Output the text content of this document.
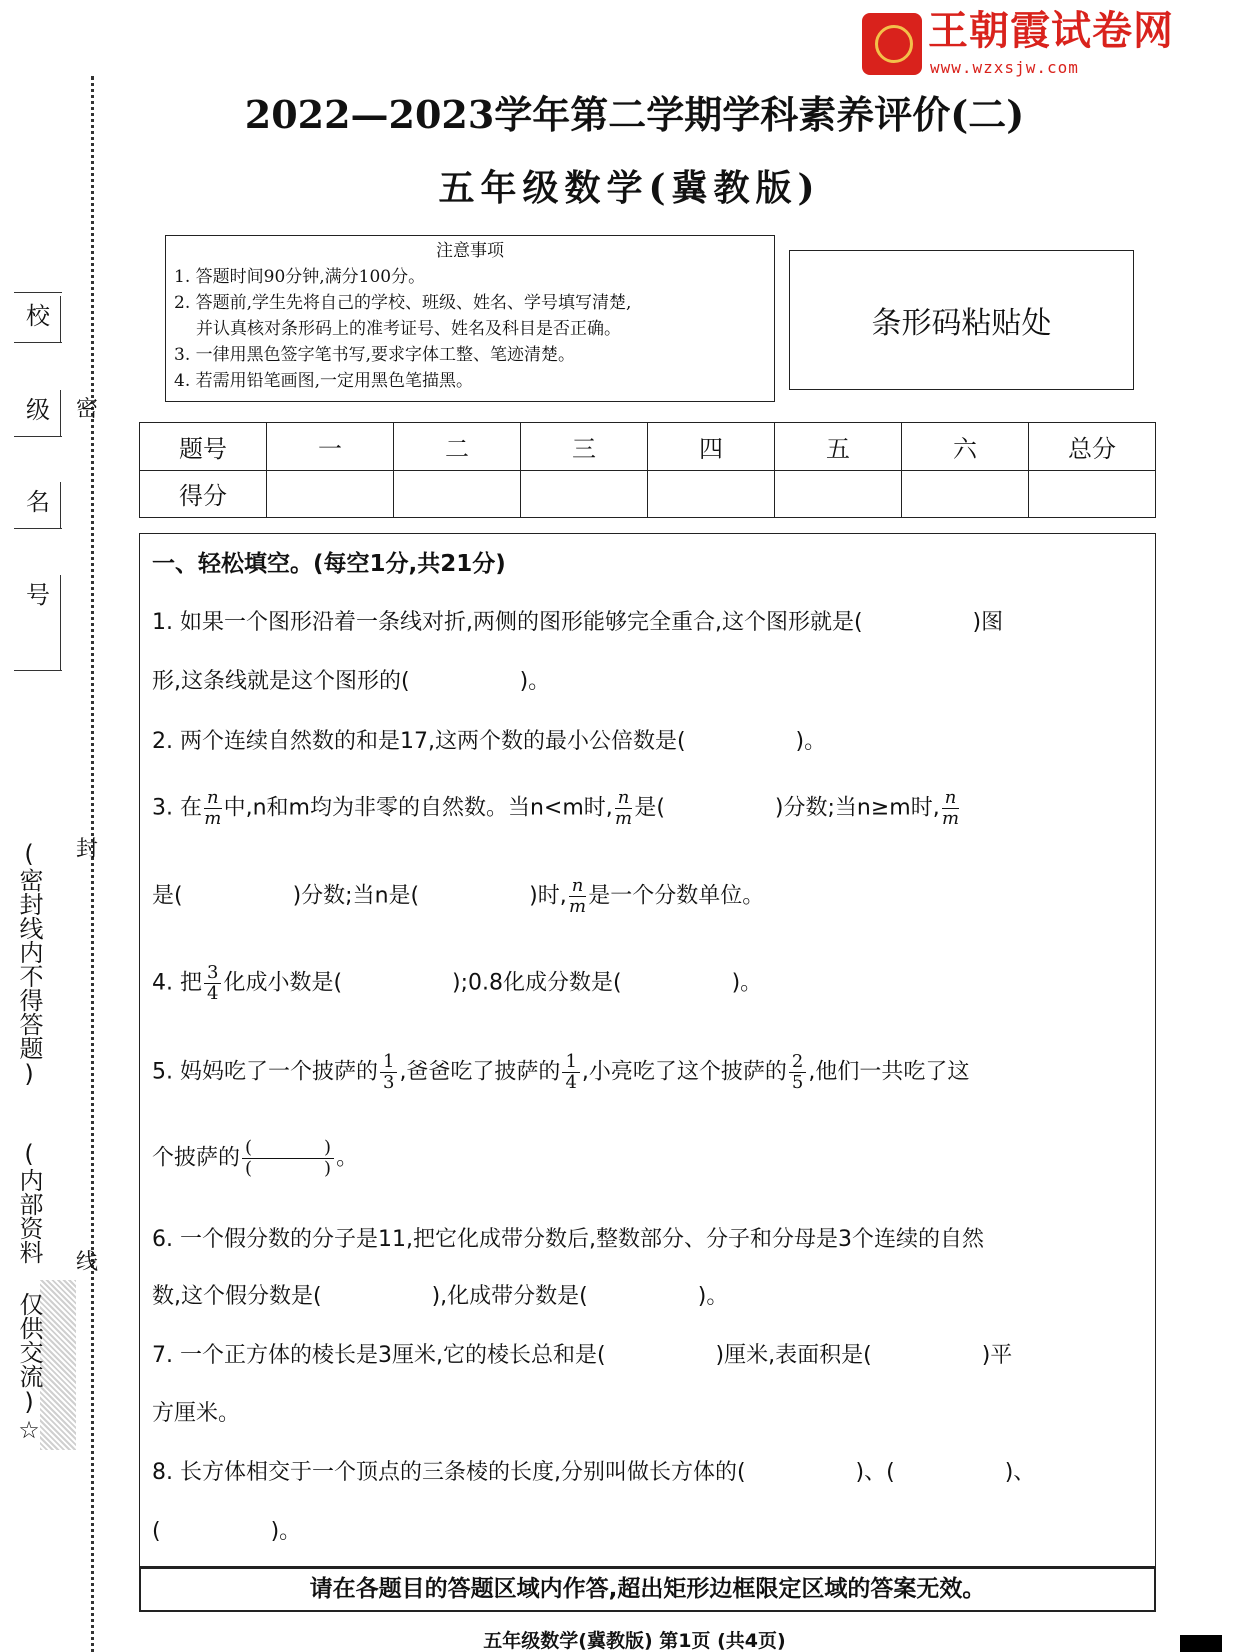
王朝霞试卷网
www.wzxsjw.com
2022—2023学年第二学期学科素养评价(二)
五年级数学(冀教版)
注意事项
1. 答题时间90分钟,满分100分。
2. 答题前,学生先将自己的学校、班级、姓名、学号填写清楚,
并认真核对条形码上的准考证号、姓名及科目是否正确。
3. 一律用黑色签字笔书写,要求字体工整、笔迹清楚。
4. 若需用铅笔画图,一定用黑色笔描黑。
条形码粘贴处
题号	一	二	三	四	五	六	总分
得分							
一、轻松填空。(每空1分,共21分)
1. 如果一个图形沿着一条线对折,两侧的图形能够完全重合,这个图形就是(　　　　　)图
形,这条线就是这个图形的(　　　　　)。
2. 两个连续自然数的和是17,这两个数的最小公倍数是(　　　　　)。
3. 在 $\frac{n}{m}$ 中,n和m均为非零的自然数。当n<m时, $\frac{n}{m}$ 是(　　　　　)分数;当n≥m时, $\frac{n}{m}$
是(　　　　　)分数;当n是(　　　　　)时, $\frac{n}{m}$ 是一个分数单位。
4. 把 $\frac{3}{4}$ 化成小数是(　　　　　);0.8化成分数是(　　　　　)。
5. 妈妈吃了一个披萨的 $\frac{1}{3}$ ,爸爸吃了披萨的 $\frac{1}{4}$ ,小亮吃了这个披萨的 $\frac{2}{5}$ ,他们一共吃了这
个披萨的 $\frac{( )}{( )}$ 。
6. 一个假分数的分子是11,把它化成带分数后,整数部分、分子和分母是3个连续的自然
数,这个假分数是(　　　　　),化成带分数是(　　　　　)。
7. 一个正方体的棱长是3厘米,它的棱长总和是(　　　　　)厘米,表面积是(　　　　　)平
方厘米。
8. 长方体相交于一个顶点的三条棱的长度,分别叫做长方体的(　　　　　)、(　　　　　)、
(　　　　　)。
请在各题目的答题区域内作答,超出矩形边框限定区域的答案无效。
五年级数学(冀教版) 第1页 (共4页)
校
级
名
号
密
封
线
(密封线内不得答题)
(内部资料 仅供交流)☆
